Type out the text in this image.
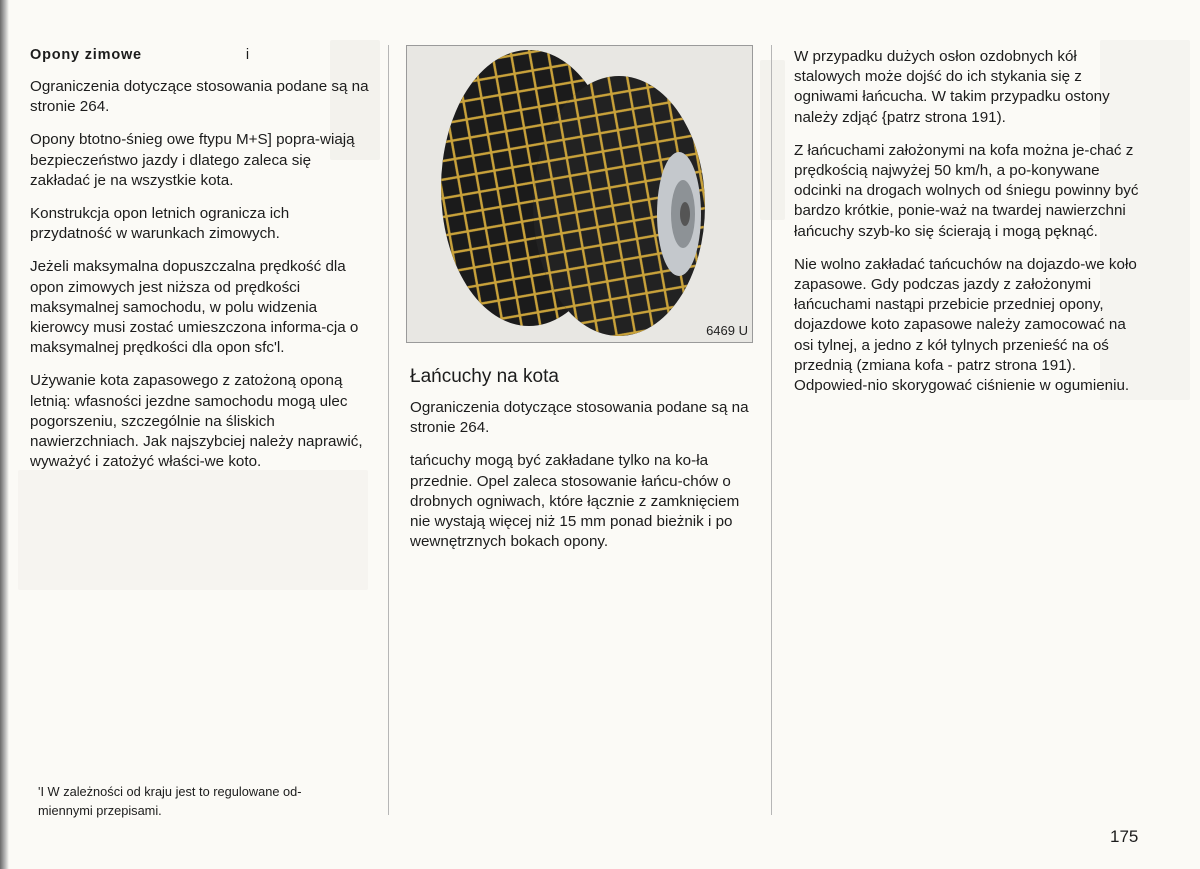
Opony zimowe	i

Ograniczenia dotyczące stosowania podane są na stronie 264.

Opony btotno-śnieg owe ftypu M+S] popra-wiają bezpieczeństwo jazdy i dlatego zaleca się zakładać je na wszystkie kota.

Konstrukcja opon letnich ogranicza ich przydatność w warunkach zimowych.

Jeżeli maksymalna dopuszczalna prędkość dla opon zimowych jest niższa od prędkości maksymalnej samochodu, w polu widzenia kierowcy musi zostać umieszczona informa-cja o maksymalnej prędkości dla opon sfc'l.

Używanie kota zapasowego z zatożoną oponą letnią: wfasności jezdne samochodu mogą ulec pogorszeniu, szczególnie na śliskich nawierzchniach. Jak najszybciej należy naprawić, wyważyć i zatożyć właści-we koto.

'I W zależności od kraju jest to regulowane od-miennymi przepisami.
6469 U
Łańcuchy na kota

Ograniczenia dotyczące stosowania podane są na stronie 264.

tańcuchy mogą być zakładane tylko na ko-ła przednie. Opel zaleca stosowanie łańcu-chów o drobnych ogniwach, które łącznie z zamknięciem nie wystają więcej niż 15 mm ponad bieżnik i po wewnętrznych bokach opony.

W przypadku dużych osłon ozdobnych kół stalowych może dojść do ich stykania się z ogniwami łańcucha. W takim przypadku ostony należy zdjąć {patrz strona 191).

Z łańcuchami założonymi na kofa można je-chać z prędkością najwyżej 50 km/h, a po-konywane odcinki na drogach wolnych od śniegu powinny być bardzo krótkie, ponie-waż na twardej nawierzchni łańcuchy szyb-ko się ścierają i mogą pęknąć.

Nie wolno zakładać tańcuchów na dojazdo-we koło zapasowe. Gdy podczas jazdy z założonymi łańcuchami nastąpi przebicie przedniej opony, dojazdowe koto zapasowe należy zamocować na osi tylnej, a jedno z kół tylnych przenieść na oś przednią (zmiana kofa - patrz strona 191). Odpowied-nio skorygować ciśnienie w ogumieniu.

175
